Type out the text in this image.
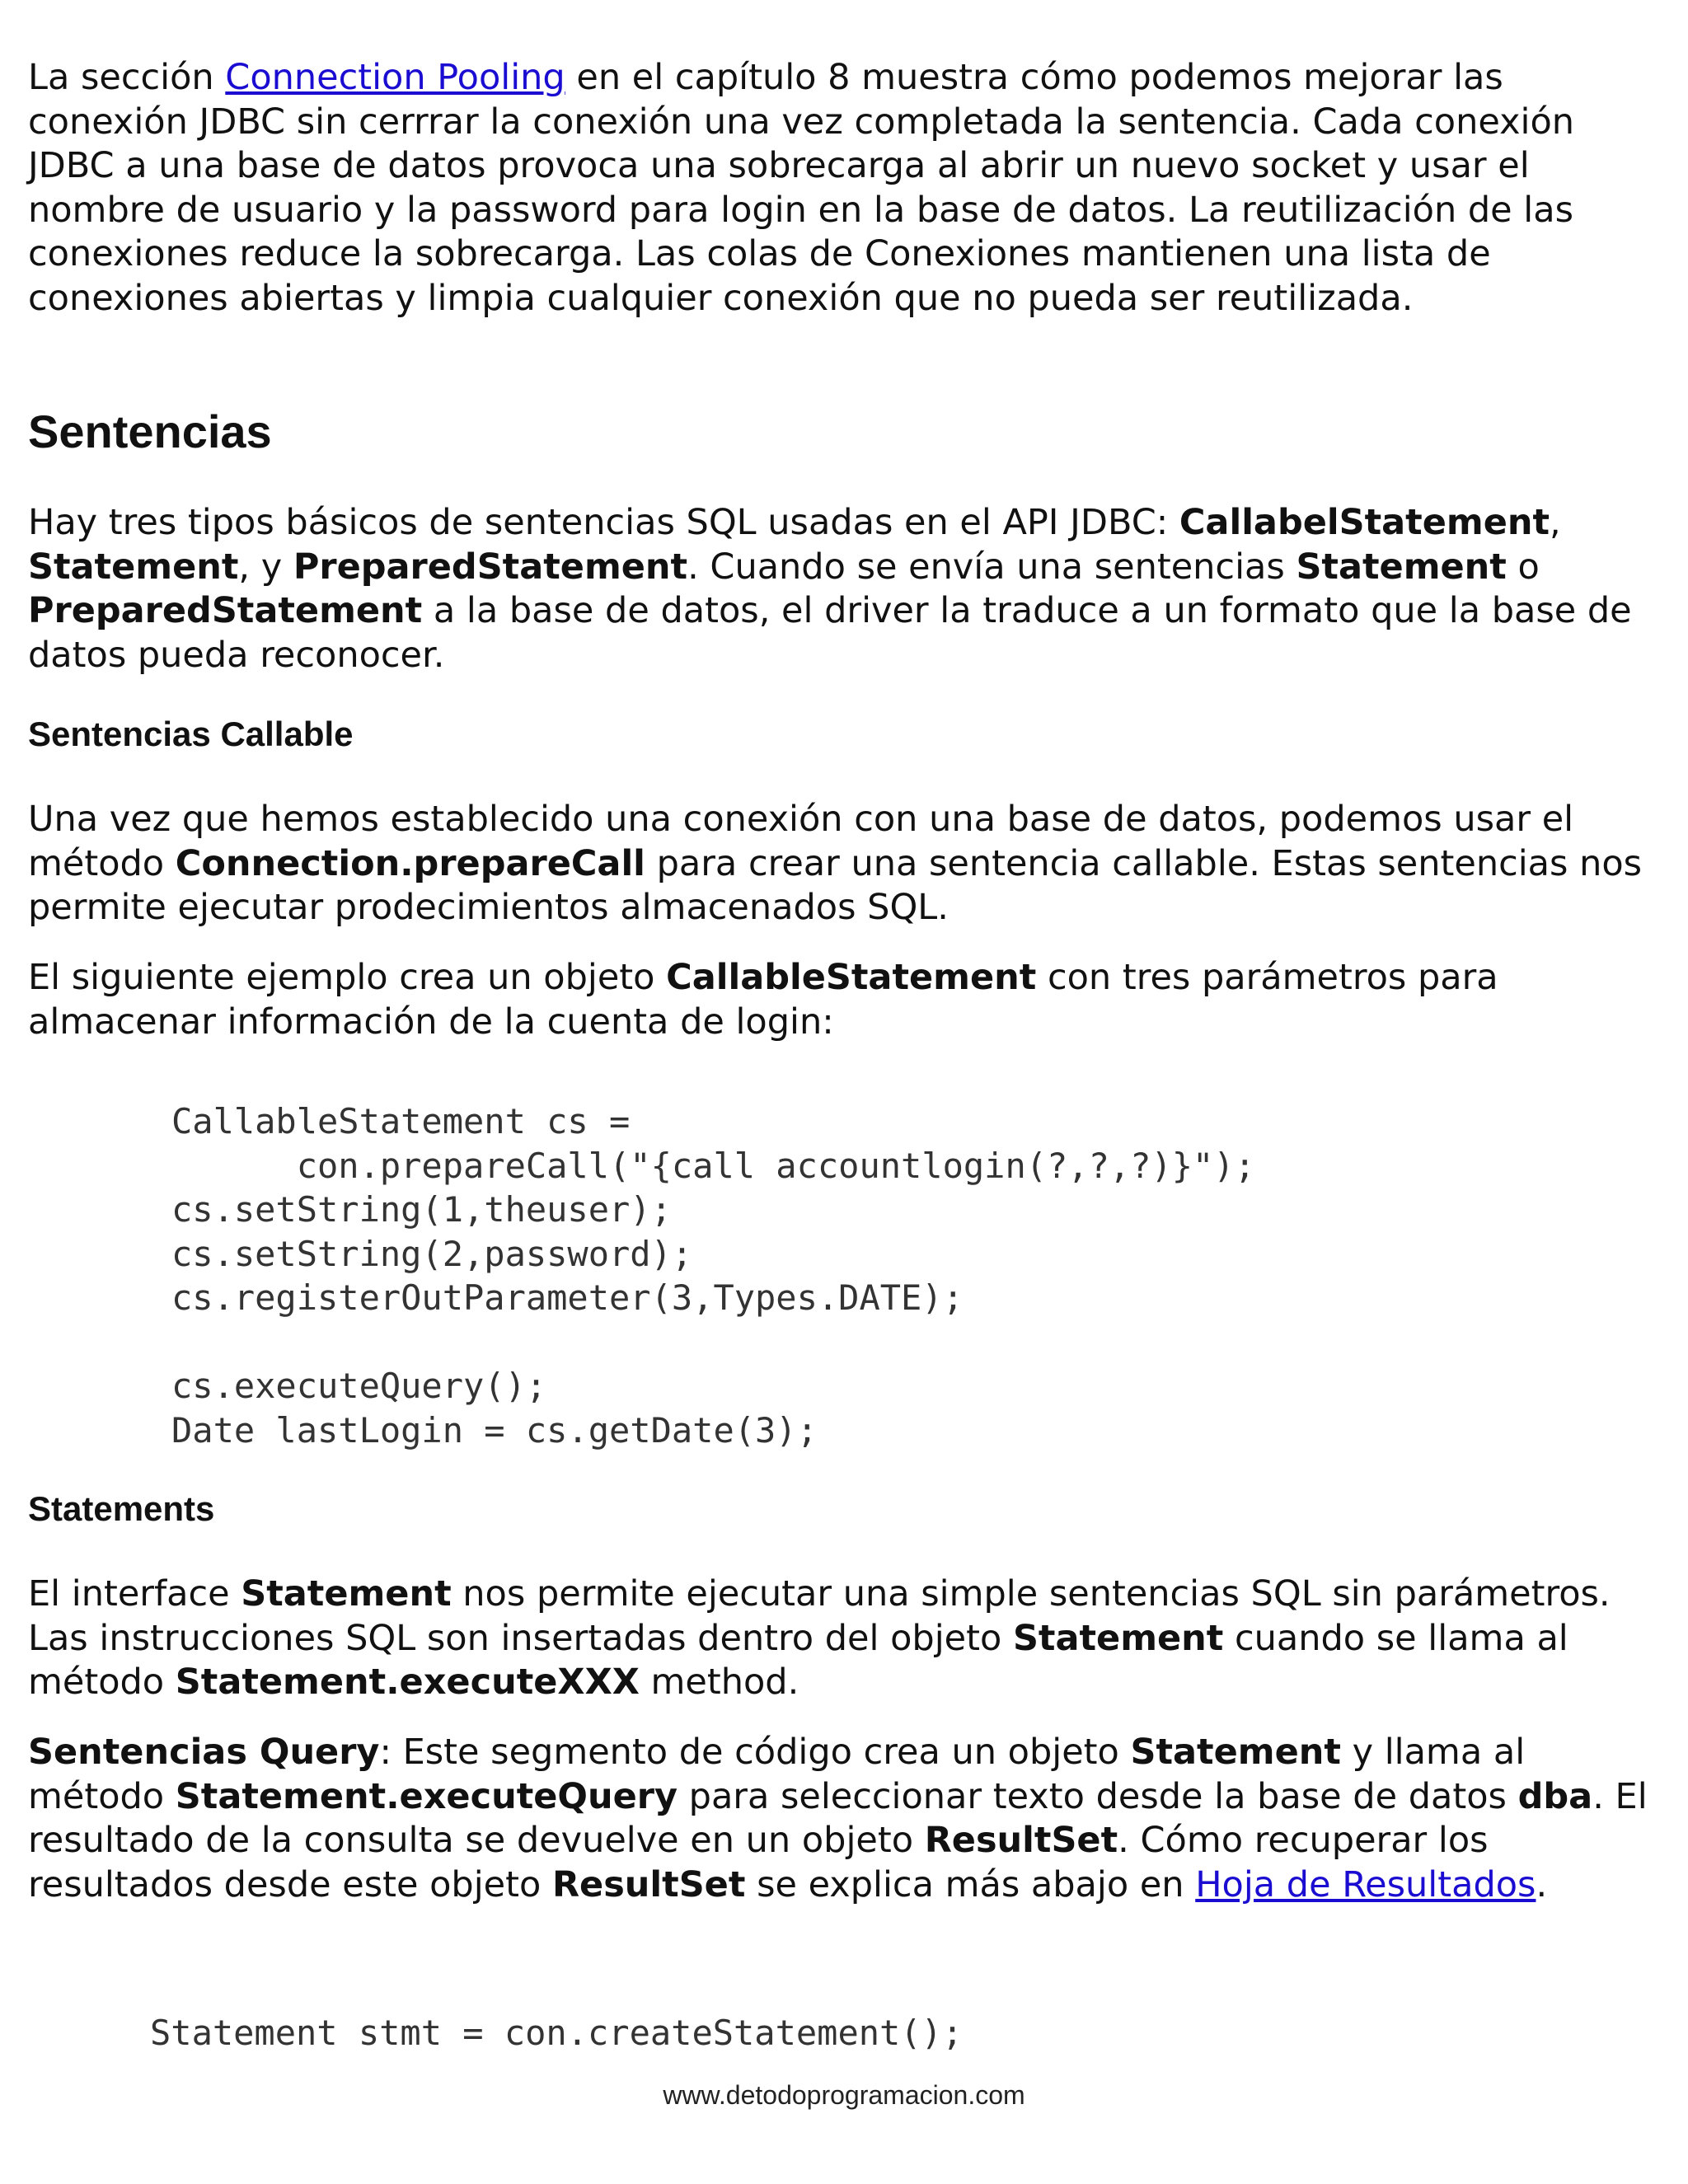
La sección Connection Pooling en el capítulo 8 muestra cómo podemos mejorar las conexión JDBC sin cerrrar la conexión una vez completada la sentencia. Cada conexión JDBC a una base de datos provoca una sobrecarga al abrir un nuevo socket y usar el nombre de usuario y la password para login en la base de datos. La reutilización de las conexiones reduce la sobrecarga. Las colas de Conexiones mantienen una lista de conexiones abiertas y limpia cualquier conexión que no pueda ser reutilizada.

Sentencias

Hay tres tipos básicos de sentencias SQL usadas en el API JDBC: CallabelStatement, Statement, y PreparedStatement. Cuando se envía una sentencias Statement o PreparedStatement a la base de datos, el driver la traduce a un formato que la base de datos pueda reconocer.

Sentencias Callable

Una vez que hemos establecido una conexión con una base de datos, podemos usar el método Connection.prepareCall para crear una sentencia callable. Estas sentencias nos permite ejecutar prodecimientos almacenados SQL.

El siguiente ejemplo crea un objeto CallableStatement con tres parámetros para almacenar información de la cuenta de login:

CallableStatement cs =
con.prepareCall("{call accountlogin(?,?,?)}");
cs.setString(1,theuser);
cs.setString(2,password);
cs.registerOutParameter(3,Types.DATE);

cs.executeQuery();
Date lastLogin = cs.getDate(3);
Statements

El interface Statement nos permite ejecutar una simple sentencias SQL sin parámetros. Las instrucciones SQL son insertadas dentro del objeto Statement cuando se llama al método Statement.executeXXX method.

Sentencias Query: Este segmento de código crea un objeto Statement y llama al método Statement.executeQuery para seleccionar texto desde la base de datos dba. El resultado de la consulta se devuelve en un objeto ResultSet. Cómo recuperar los resultados desde este objeto ResultSet se explica más abajo en Hoja de Resultados.

Statement stmt = con.createStatement();
www.detodoprogramacion.com
